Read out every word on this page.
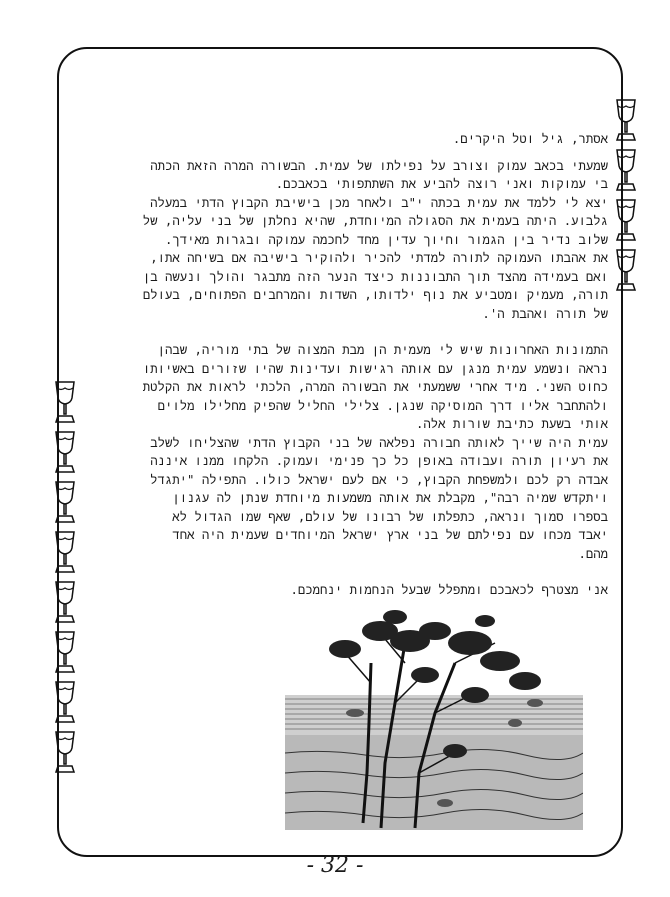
אסתר, גיל וטל היקרים.

שמעתי בכאב עמוק וצורב על נפילתו של עמית. הבשורה המרה הזאת הכתה

בי עמוקות ואני רוצה להביע את השתתפותי בכאבכם.

יצא לי ללמד את עמית בכתה י"ב ולאחר מכן בישיבת הקבוץ הדתי במעלה

גלבוע. היתה בעמית את הסגולה המיוחדת, שהיא נחלתן של בני עליה, של

שלוב נדיר בין הגמור וחיוך עדין מחד לחכמה עמוקה ובגרות מאידך.

את אהבתו העמוקה לתורה למדתי להכיר ולהוקיר בישיבה אם בשיחה אתו,

ואם בעמידה מהצד תוך התבוננות כיצד הנער הזה מתבגר והולך ונעשה בן

תורה, מעמיק ומטביע את נוף ילדותו, השדות והמרחבים הפתוחים, בעולם

של תורה ואהבת ה'.

התמונות האחרונות שיש לי מעמית הן מבת המצוה של בתי מוריה, שבהן

נראה ונשמע עמית מנגן עם אותה רגישות ועדינות שהיו שזורים באשיותו

כחוט השני. מיד אחרי ששמעתי את הבשורה המרה, הלכתי לראות את הקלטת

ולהתחבר אליו דרך המוסיקה שנגן. צלילי החליל שהפיק מחלילו מלוים

אותי בשעת כתיבת שורות אלה.

עמית היה שייך לאותה חבורה נפלאה של בני הקבוץ הדתי שהצליחו לשלב

את רעיון תורה ועבודה באופן כל כך פנימי ועמוק. הלקחו ממנו איננה

אבדה רק לכם ולמשפחת הקבוץ, כי אם לעם ישראל כולו. התפילה "יתגדל

ויתקדש שמיה רבה", מקבלת את אותה משמעות מיוחדת שנתן לה עגנון

בספרו סמוך ונראה, כתפלתו של רבונו של עולם, שאף שמו הגדול לא

יאבד מכחו עם נפילתם של בני ארץ ישראל המיוחדים שעמית היה אחד

מהם.

אני מצטרף לכאבכם ומתפלל שבעל הנחמות ינחמכם.

- 32 -
